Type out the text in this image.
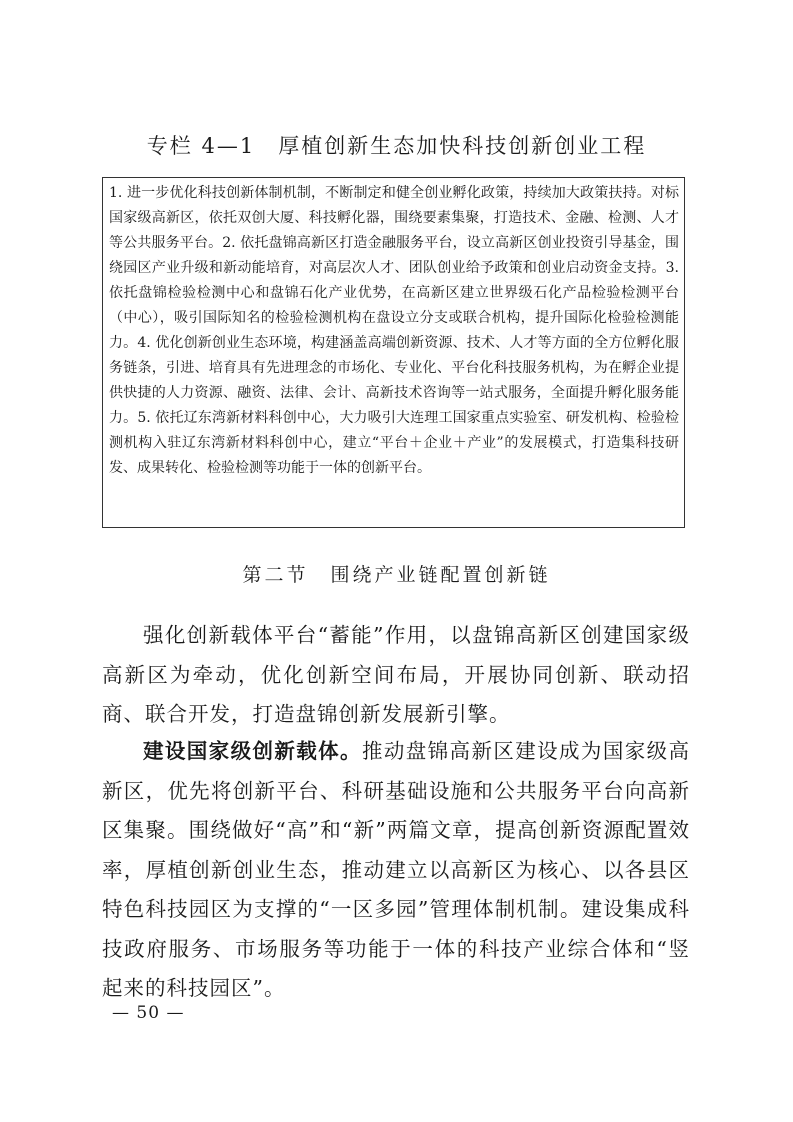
专栏 4—1　厚植创新生态加快科技创新创业工程
1. 进一步优化科技创新体制机制，不断制定和健全创业孵化政策，持续加大政策扶持。对标国家级高新区，依托双创大厦、科技孵化器，围绕要素集聚，打造技术、金融、检测、人才等公共服务平台。2. 依托盘锦高新区打造金融服务平台，设立高新区创业投资引导基金，围绕园区产业升级和新动能培育，对高层次人才、团队创业给予政策和创业启动资金支持。3. 依托盘锦检验检测中心和盘锦石化产业优势，在高新区建立世界级石化产品检验检测平台（中心），吸引国际知名的检验检测机构在盘设立分支或联合机构，提升国际化检验检测能力。4. 优化创新创业生态环境，构建涵盖高端创新资源、技术、人才等方面的全方位孵化服务链条，引进、培育具有先进理念的市场化、专业化、平台化科技服务机构，为在孵企业提供快捷的人力资源、融资、法律、会计、高新技术咨询等一站式服务，全面提升孵化服务能力。5. 依托辽东湾新材料科创中心，大力吸引大连理工国家重点实验室、研发机构、检验检测机构入驻辽东湾新材料科创中心，建立“平台＋企业＋产业”的发展模式，打造集科技研发、成果转化、检验检测等功能于一体的创新平台。
第二节　围绕产业链配置创新链

强化创新载体平台“蓄能”作用，以盘锦高新区创建国家级高新区为牵动，优化创新空间布局，开展协同创新、联动招商、联合开发，打造盘锦创新发展新引擎。

建设国家级创新载体。推动盘锦高新区建设成为国家级高新区，优先将创新平台、科研基础设施和公共服务平台向高新区集聚。围绕做好“高”和“新”两篇文章，提高创新资源配置效率，厚植创新创业生态，推动建立以高新区为核心、以各县区特色科技园区为支撑的“一区多园”管理体制机制。建设集成科技政府服务、市场服务等功能于一体的科技产业综合体和“竖起来的科技园区”。

— 50 —
